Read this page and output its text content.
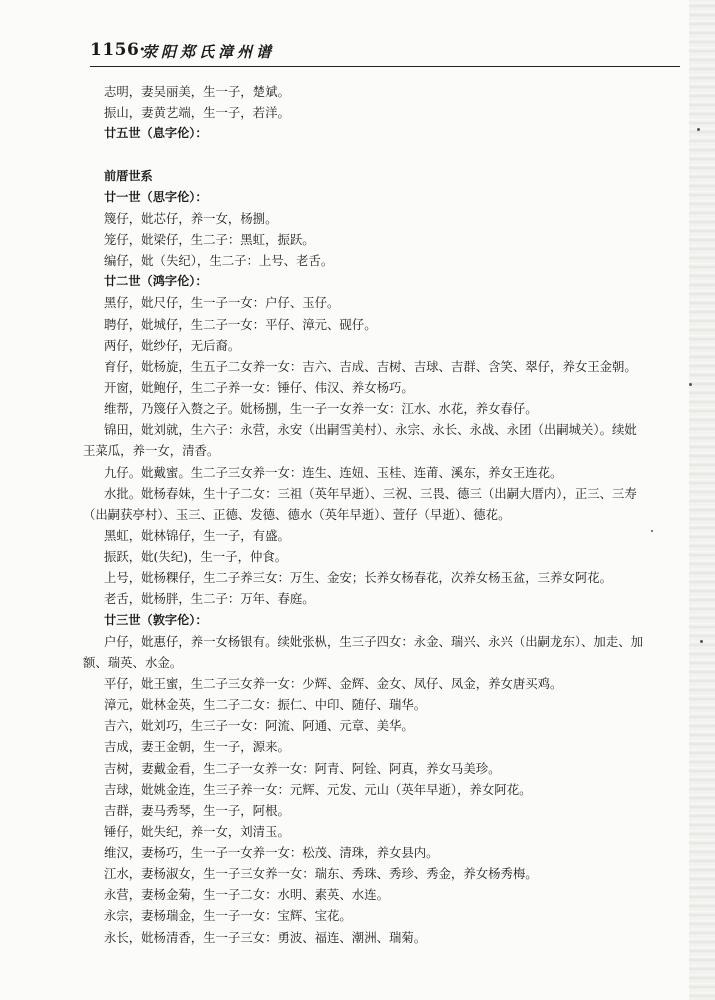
1156·
荥阳郑氏漳州谱
志明，妻吴丽美，生一子，楚斌。
振山，妻黄艺端，生一子，若洋。
廿五世（息字伦）：
前厝世系
廿一世（思字伦）：
篾仔，妣芯仔，养一女，杨捌。
笼仔，妣梁仔，生二子：黑虹，振跃。
编仔，妣（失纪），生二子：上号、老舌。
廿二世（鸿字伦）：
黑仔，妣尺仔，生一子一女：户仔、玉仔。
聘仔，妣城仔，生二子一女：平仔、漳元、砚仔。
两仔，妣纱仔，无后裔。
育仔，妣杨旋，生五子二女养一女：吉六、吉成、吉树、吉球、吉群、含笑、翠仔，养女王金朝。
开窗，妣鲍仔，生二子养一女：锤仔、伟汉、养女杨巧。
维帮，乃篾仔入赘之子。妣杨捌，生一子一女养一女：江水、水花，养女春仔。
锦田，妣刘就，生六子：永营，永安（出嗣雪美村）、永宗、永长、永战、永团（出嗣城关）。续妣
王菜瓜，养一女，清香。
九仔。妣戴蜜。生二子三女养一女：连生、连妞、玉桂、连莆、溪东，养女王连花。
水批。妣杨春妹，生十子二女：三祖（英年早逝）、三祝、三畏、德三（出嗣大厝内），正三、三寿
（出嗣获亭村）、玉三、正德、发德、德水（英年早逝）、萱仔（早逝）、德花。
黑虹，妣林锦仔，生一子，有盛。
振跃，妣(失纪)，生一子，仲食。
上号，妣杨粿仔，生二子养三女：万生、金安；长养女杨春花，次养女杨玉盆，三养女阿花。
老舌，妣杨胖，生二子：万年、春庭。
廿三世（敦字伦）：
户仔，妣惠仔，养一女杨银有。续妣张枞，生三子四女：永金、瑞兴、永兴（出嗣龙东）、加走、加
额、瑞英、水金。
平仔，妣王蜜，生二子三女养一女：少辉、金辉、金女、凤仔、凤金，养女唐买鸡。
漳元，妣林金英，生二子二女：振仁、中印、随仔、瑞华。
吉六，妣刘巧，生三子一女：阿流、阿通、元章、美华。
吉成，妻王金朝，生一子，源来。
吉树，妻戴金看，生二子一女养一女：阿青、阿铨、阿真，养女马美珍。
吉球，妣姚金连，生三子养一女：元辉、元发、元山（英年早逝），养女阿花。
吉群，妻马秀琴，生一子，阿根。
锤仔，妣失纪，养一女，刘清玉。
维汉，妻杨巧，生一子一女养一女：松茂、清珠，养女县内。
江水，妻杨淑女，生一子三女养一女：瑞东、秀珠、秀珍、秀金，养女杨秀梅。
永营，妻杨金菊，生一子二女：水明、素英、水连。
永宗，妻杨瑞金，生一子一女：宝辉、宝花。
永长，妣杨清香，生一子三女：勇波、福连、潮洲、瑞菊。
